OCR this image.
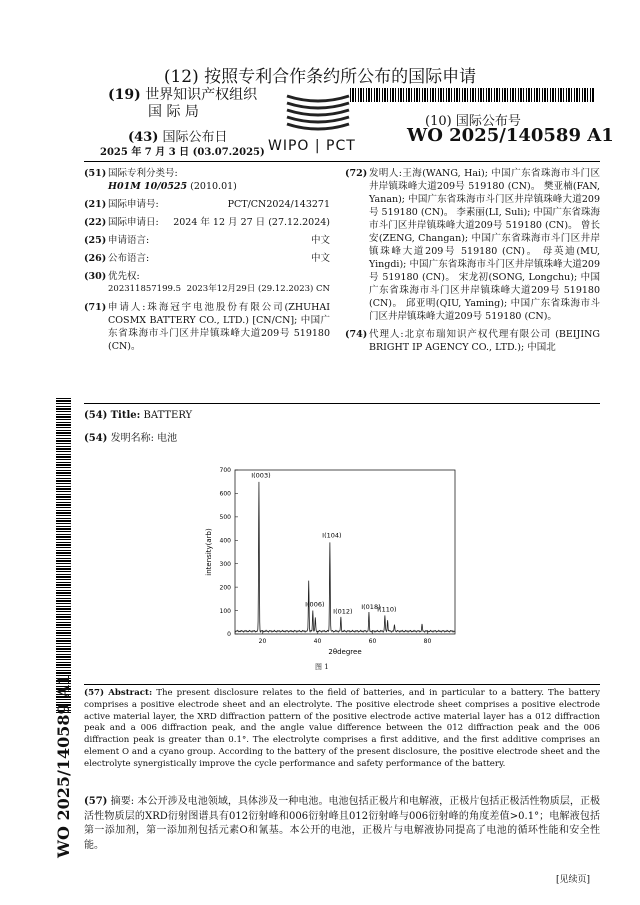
(12) 按照专利合作条约所公布的国际申请
(19) 世界知识产权组织
国 际 局
(43) 国际公布日
2025 年 7 月 3 日 (03.07.2025) WIPO | PCT
(10) 国际公布号
WO 2025/140589 A1
(51) 国际专利分类号:
H01M 10/0525 (2010.01)
(21) 国际申请号:	PCT/CN2024/143271
(22) 国际申请日: 2024 年 12 月 27 日 (27.12.2024)
(25) 申请语言:	中文
(26) 公布语言:	中文
(30) 优先权:
202311857199.5 2023年12月29日 (29.12.2023) CN
(71) 申请人:珠海冠宇电池股份有限公司(ZHUHAI COSMX BATTERY CO., LTD.) [CN/CN]; 中国广东省珠海市斗门区井岸镇珠峰大道209号 519180 (CN)。
(72) 发明人:王海(WANG, Hai); 中国广东省珠海市斗门区井岸镇珠峰大道209号 519180 (CN)。 樊亚楠(FAN, Yanan); 中国广东省珠海市斗门区井岸镇珠峰大道209号 519180 (CN)。 李素丽(LI, Suli); 中国广东省珠海市斗门区井岸镇珠峰大道209号 519180 (CN)。 曾长安(ZENG, Changan); 中国广东省珠海市斗门区井岸镇珠峰大道209号 519180 (CN)。 母英迪(MU, Yingdi); 中国广东省珠海市斗门区井岸镇珠峰大道209号 519180 (CN)。 宋龙初(SONG, Longchu); 中国广东省珠海市斗门区井岸镇珠峰大道209号 519180 (CN)。 邱亚明(QIU, Yaming); 中国广东省珠海市斗门区井岸镇珠峰大道209号 519180 (CN)。
(74) 代理人:北京布瑞知识产权代理有限公司 (BEIJING BRIGHT IP AGENCY CO., LTD.); 中国北
WO 2025/140589 A1
(54) Title: BATTERY
(54) 发明名称: 电池
0
100
200
300
400
500
600
700
20	40	60	80
I(003)
I(006)
I(104)
I(012)
I(018)
I(110)
2θdegree
intensity(arb)
图 1
(57) Abstract: The present disclosure relates to the field of batteries, and in particular to a battery. The battery comprises a positive electrode sheet and an electrolyte. The positive electrode sheet comprises a positive electrode active material layer, the XRD diffraction pattern of the positive electrode active material layer has a 012 diffraction peak and a 006 diffraction peak, and the angle value difference between the 012 diffraction peak and the 006 diffraction peak is greater than 0.1°. The electrolyte comprises a first additive, and the first additive comprises an element O and a cyano group. According to the battery of the present disclosure, the positive electrode sheet and the electrolyte synergistically improve the cycle performance and safety performance of the battery.
(57) 摘要: 本公开涉及电池领域，具体涉及一种电池。电池包括正极片和电解液，正极片包括正极活性物质层，正极活性物质层的XRD衍射图谱具有012衍射峰和006衍射峰且012衍射峰与006衍射峰的角度差值>0.1°；电解液包括第一添加剂，第一添加剂包括元素O和氰基。本公开的电池，正极片与电解液协同提高了电池的循环性能和安全性能。
[见续页]
